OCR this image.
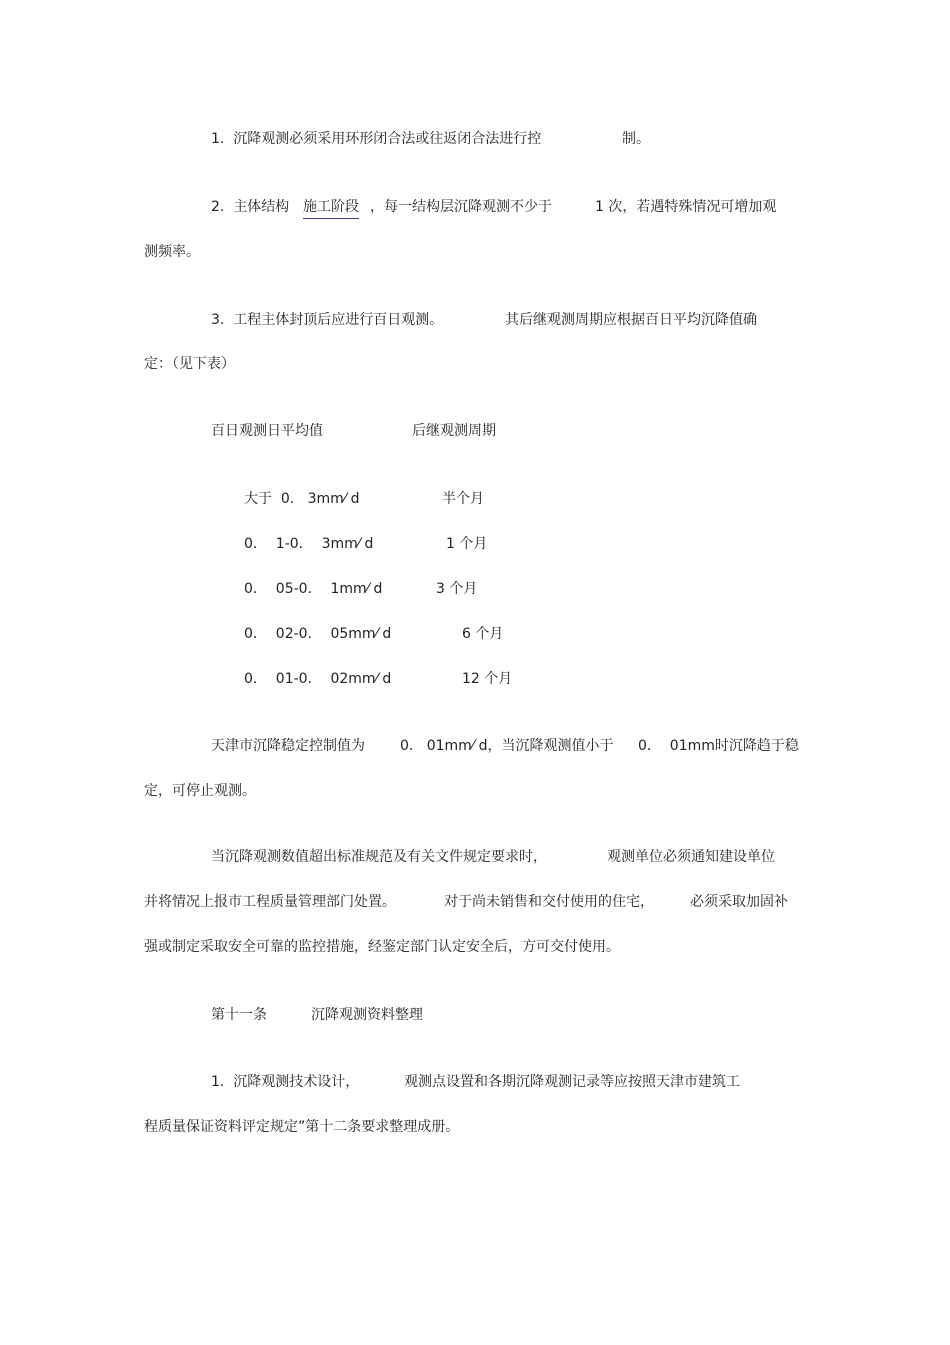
1.  沉降观测必须采用环形闭合法或往返闭合法进行控	制。
2.  主体结构 施工阶段 ，每一结构层沉降观测不少于	1 次，若遇特殊情况可增加观
测频率。
3.  工程主体封顶后应进行百日观测。	其后继观测周期应根据百日平均沉降值确
定：（见下表）
百日观测日平均值	后继观测周期
大于  0.   3mm⁄ d	半个月
0．  1-0．  3mm⁄ d	1 个月
0．  05-0．  1mm⁄ d	3 个月
0．  02-0．  05mm⁄ d	6 个月
0．  01-0．  02mm⁄ d	12 个月
天津市沉降稳定控制值为	0.   01mm⁄ d，当沉降观测值小于 0．  01mm时沉降趋于稳
定，可停止观测。
当沉降观测数值超出标准规范及有关文件规定要求时，	观测单位必须通知建设单位
并将情况上报市工程质量管理部门处置。	对于尚未销售和交付使用的住宅，	必须采取加固补
强或制定采取安全可靠的监控措施，经鉴定部门认定安全后，方可交付使用。
第十一条	沉降观测资料整理
1.  沉降观测技术设计，	观测点设置和各期沉降观测记录等应按照天津市建筑工
程质量保证资料评定规定”第十二条要求整理成册。
